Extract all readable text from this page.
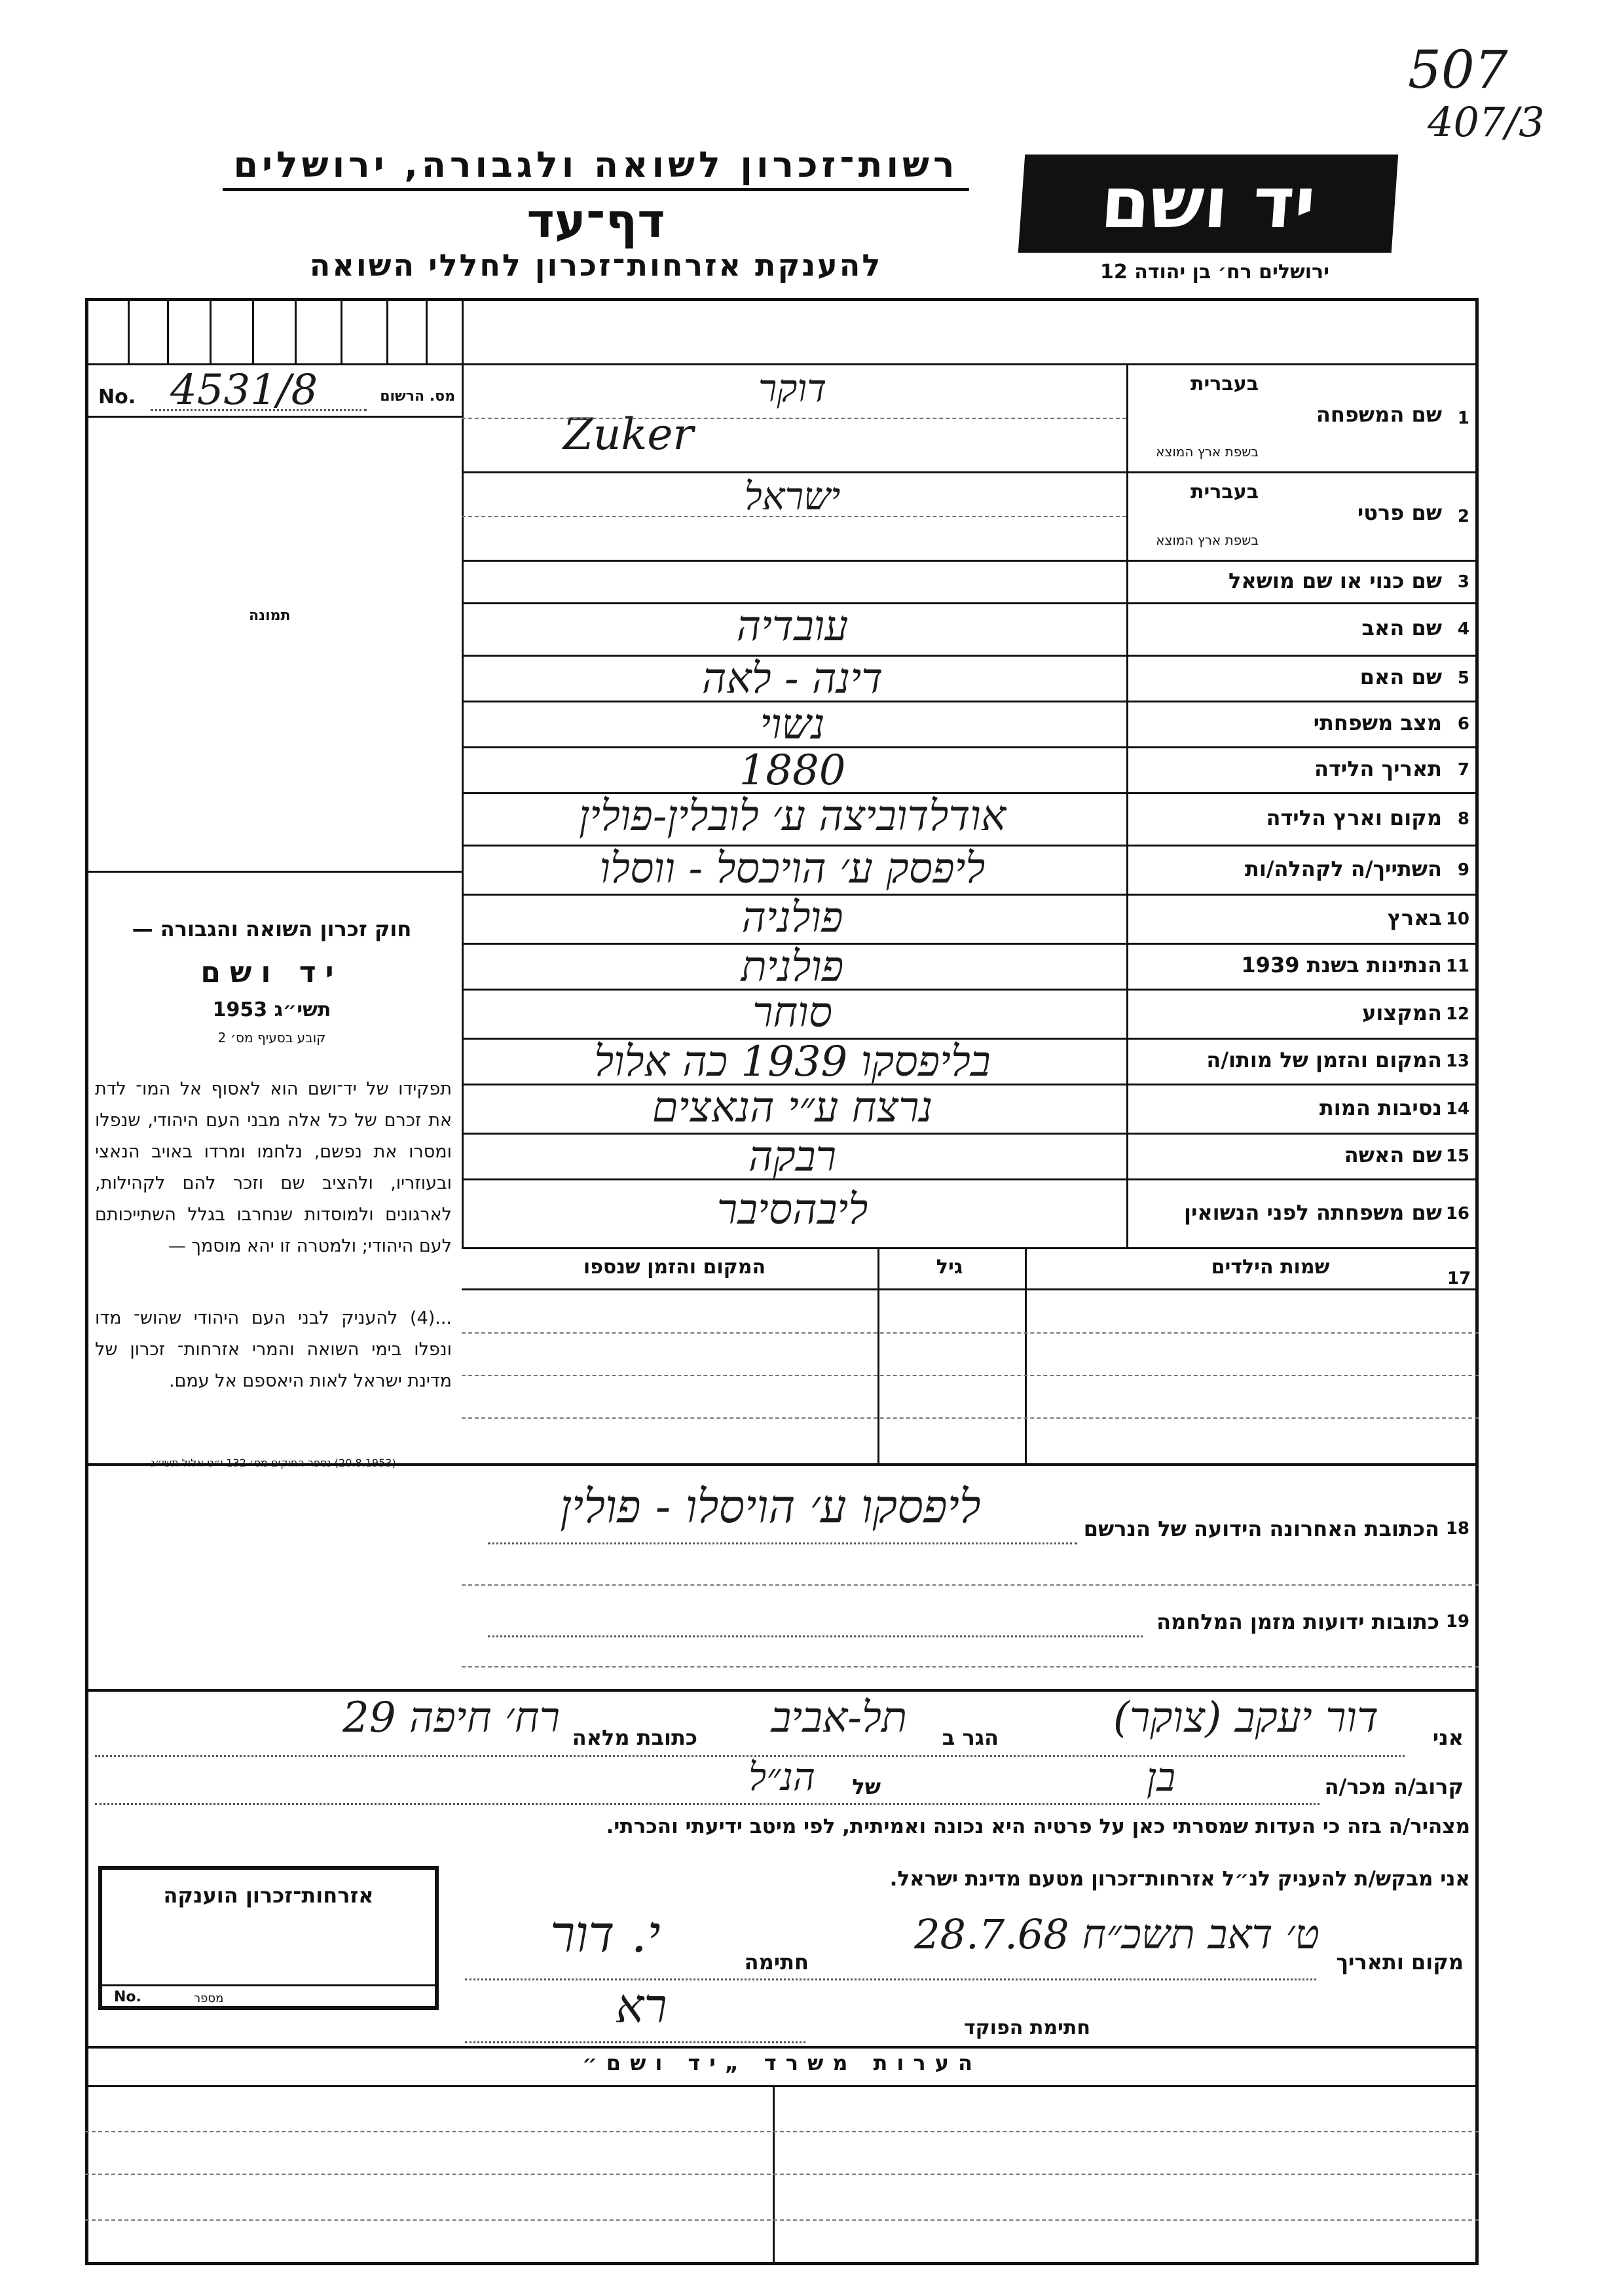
507
407/3
רשות־זכרון לשואה ולגבורה, ירושלים
דף־עד
להענקת אזרחות־זכרון לחללי השואה
יד ושם
ירושלים רח׳ בן יהודה 12
No. 4531/8	מס. הרשום
תמונה
חוק זכרון השואה והגבורה —
יד ושם
תשי״ג 1953
קובע בסעיף מס׳ 2
תפקידו של יד־ושם הוא לאסוף אל המו־ לדת את זכרם של כל אלה מבני העם היהודי, שנפלו ומסרו את נפשם, נלחמו ומרדו באויב הנאצי ובעוזריו, ולהציב שם וזכר להם לקהילות, לארגונים ולמוסדות שנחרבו בגלל השתייכותם לעם היהודי; ולמטרה זו יהא מוסמך —
...(4) להעניק לבני העם היהודי שהוש־ מדו ונפלו בימי השואה והמרי אזרחות־ זכרון של מדינת ישראל לאות היאספם אל עמם.
1
שם המשפחה
בעברית
בשפת ארץ המוצא
דוקר
Zuker
2
שם פרטי
בעברית
בשפת ארץ המוצא
ישראל
3
שם כנוי או שם מושאל
4
שם האב
עובדיה
5
שם האם
דינה - לאה
6
מצב משפחתי
נשוי
7
תאריך הלידה
1880
8
מקום וארץ הלידה
אודלדוביצה ע׳ לובלין-פולין
9
השתייך/ה לקהלה/ות
ליפסק ע׳ הויכסל - ווסלו
10
בארץ
פולניה
11
הנתינות בשנת 1939
פולנית
12
המקצוע
סוחר
13
המקום והזמן של מותו/ה
בליפסקו 1939 כה אלול
14
נסיבות המות
נרצח ע״י הנאצים
15
שם האשה
רבקה
16
שם משפחתה לפני הנשואין
ליבהסיבר
17
שמות הילדים
גיל
המקום והזמן שנספו
18
הכתובת האחרונה הידועה של הנרשם
ליפסקו ע׳ הויסלו - פולין
19
כתובות ידועות מזמן המלחמה
אני
דור יעקב (צוקר)
הגר ב
תל-אביב
כתובת מלאה
רח׳ חיפה 29
קרוב/ה מכר/ה
בן
של
הנ״ל
מצהיר/ה בזה כי העדות שמסרתי כאן על פרטיה היא נכונה ואמיתית, לפי מיטב ידיעתי והכרתי.
אני מבקש/ת להעניק לנ״ל אזרחות־זכרון מטעם מדינת ישראל.
אזרחות־זכרון הוענקה
No.	מספר
מקום ותאריך
ט׳ דאב תשכ״ח 28.7.68
חתימה
י. דור
חתימת הפוקד
רא
הערות משרד „יד ושם״
